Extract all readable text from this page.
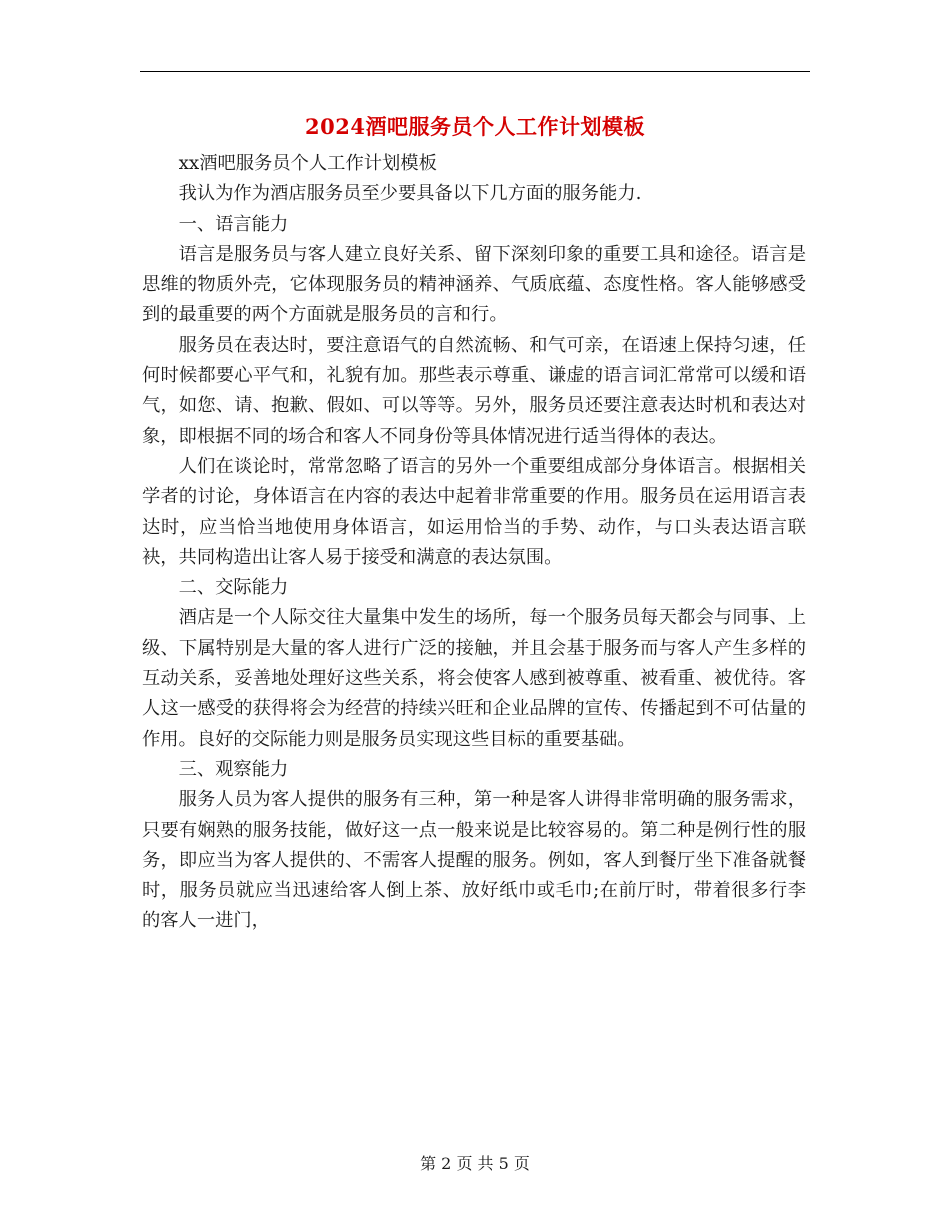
2024酒吧服务员个人工作计划模板

xx酒吧服务员个人工作计划模板

我认为作为酒店服务员至少要具备以下几方面的服务能力.

一、语言能力

语言是服务员与客人建立良好关系、留下深刻印象的重要工具和途径。语言是思维的物质外壳，它体现服务员的精神涵养、气质底蕴、态度性格。客人能够感受到的最重要的两个方面就是服务员的言和行。

服务员在表达时，要注意语气的自然流畅、和气可亲，在语速上保持匀速，任何时候都要心平气和，礼貌有加。那些表示尊重、谦虚的语言词汇常常可以缓和语气，如您、请、抱歉、假如、可以等等。另外，服务员还要注意表达时机和表达对象，即根据不同的场合和客人不同身份等具体情况进行适当得体的表达。

人们在谈论时，常常忽略了语言的另外一个重要组成部分身体语言。根据相关学者的讨论，身体语言在内容的表达中起着非常重要的作用。服务员在运用语言表达时，应当恰当地使用身体语言，如运用恰当的手势、动作，与口头表达语言联袂，共同构造出让客人易于接受和满意的表达氛围。

二、交际能力

酒店是一个人际交往大量集中发生的场所，每一个服务员每天都会与同事、上级、下属特别是大量的客人进行广泛的接触，并且会基于服务而与客人产生多样的互动关系，妥善地处理好这些关系，将会使客人感到被尊重、被看重、被优待。客人这一感受的获得将会为经营的持续兴旺和企业品牌的宣传、传播起到不可估量的作用。良好的交际能力则是服务员实现这些目标的重要基础。

三、观察能力

服务人员为客人提供的服务有三种，第一种是客人讲得非常明确的服务需求，只要有娴熟的服务技能，做好这一点一般来说是比较容易的。第二种是例行性的服务，即应当为客人提供的、不需客人提醒的服务。例如，客人到餐厅坐下准备就餐时，服务员就应当迅速给客人倒上茶、放好纸巾或毛巾;在前厅时，带着很多行李的客人一进门，

第 2 页 共 5 页
